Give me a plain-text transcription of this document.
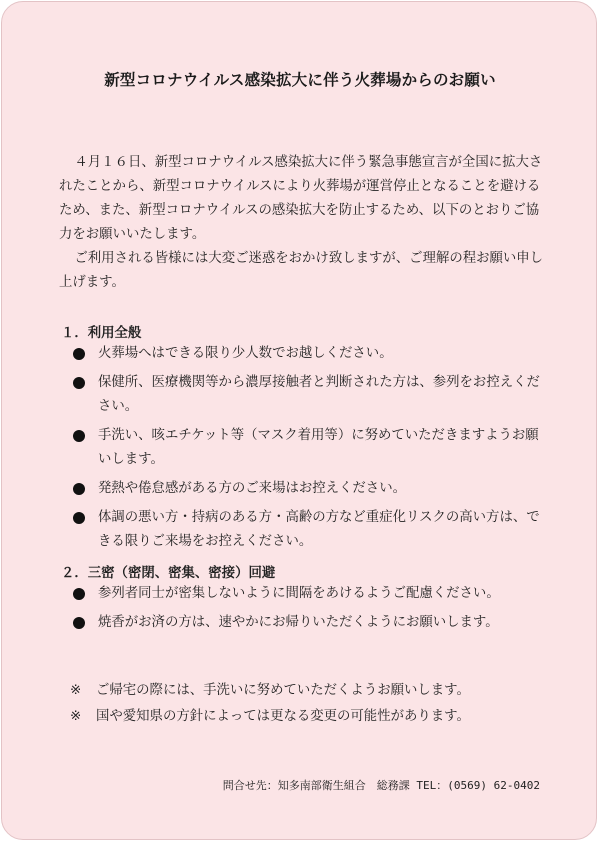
新型コロナウイルス感染拡大に伴う火葬場からのお願い

４月１６日、新型コロナウイルス感染拡大に伴う緊急事態宣言が全国に拡大されたことから、新型コロナウイルスにより火葬場が運営停止となることを避けるため、また、新型コロナウイルスの感染拡大を防止するため、以下のとおりご協力をお願いいたします。

ご利用される皆様には大変ご迷惑をおかけ致しますが、ご理解の程お願い申し上げます。

１．利用全般
火葬場へはできる限り少人数でお越しください。
保健所、医療機関等から濃厚接触者と判断された方は、参列をお控えください。
手洗い、咳エチケット等（マスク着用等）に努めていただきますようお願いします。
発熱や倦怠感がある方のご来場はお控えください。
体調の悪い方・持病のある方・高齢の方など重症化リスクの高い方は、できる限りご来場をお控えください。
２．三密（密閉、密集、密接）回避
参列者同士が密集しないように間隔をあけるようご配慮ください。
焼香がお済の方は、速やかにお帰りいただくようにお願いします。
※	ご帰宅の際には、手洗いに努めていただくようお願いします。
※	国や愛知県の方針によっては更なる変更の可能性があります。

問合せ先：知多南部衛生組合　総務課 TEL：(0569) 62-0402
